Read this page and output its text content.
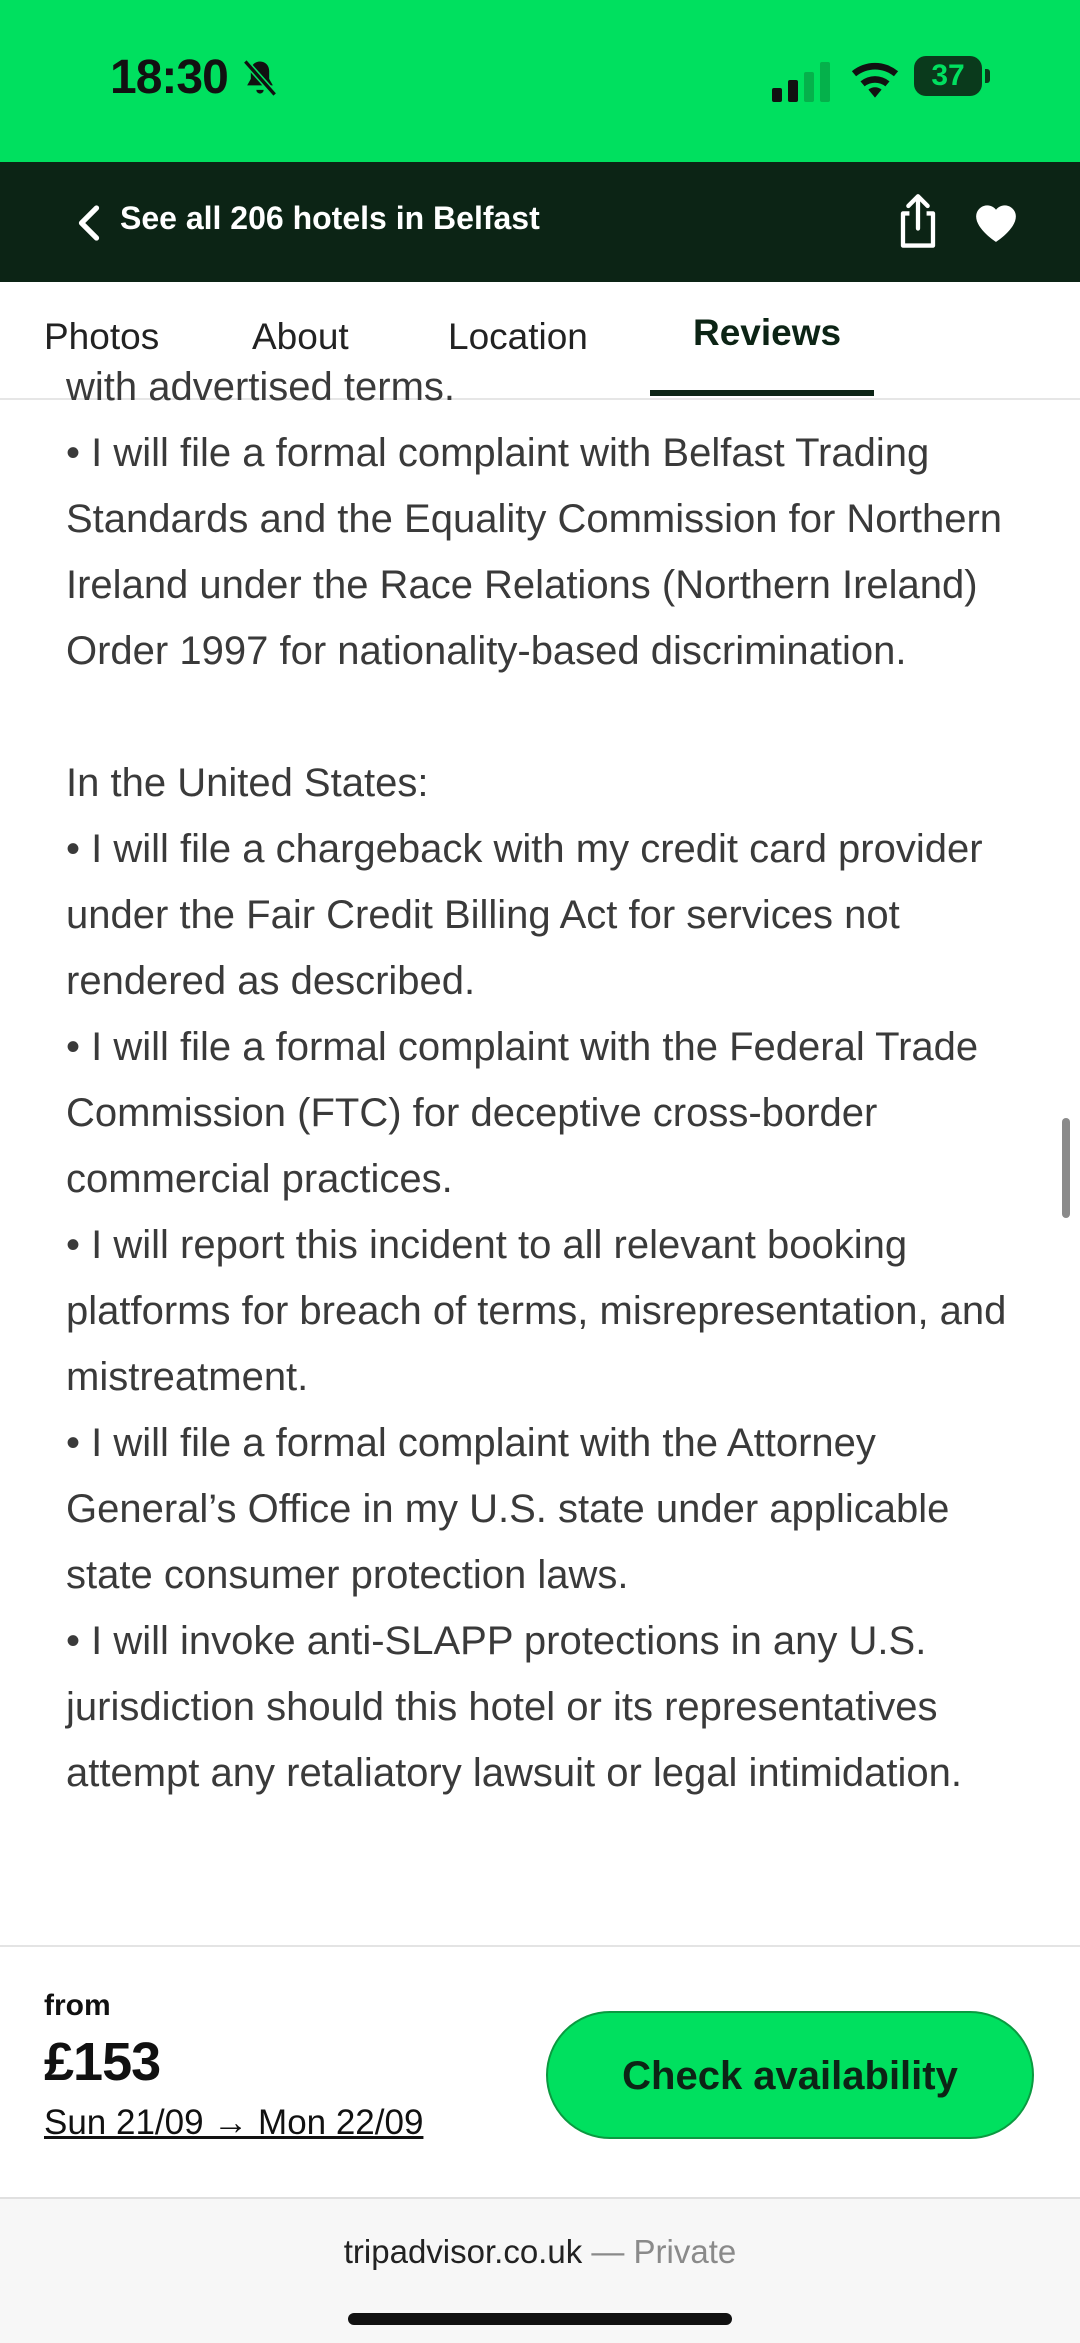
18:30	37
See all 206 hotels in Belfast
Photos	About	Location	Reviews

with advertised terms.

• I will file a formal complaint with Belfast Trading Standards and the Equality Commission for Northern Ireland under the Race Relations (Northern Ireland) Order 1997 for nationality-based discrimination.

In the United States:

• I will file a chargeback with my credit card provider under the Fair Credit Billing Act for services not rendered as described.

• I will file a formal complaint with the Federal Trade Commission (FTC) for deceptive cross-border commercial practices.

• I will report this incident to all relevant booking platforms for breach of terms, misrepresentation, and mistreatment.

• I will file a formal complaint with the Attorney General’s Office in my U.S. state under applicable state consumer protection laws.

• I will invoke anti-SLAPP protections in any U.S. jurisdiction should this hotel or its representatives attempt any retaliatory lawsuit or legal intimidation.

from
£153
Sun 21/09 → Mon 22/09
Check availability
tripadvisor.co.uk — Private
